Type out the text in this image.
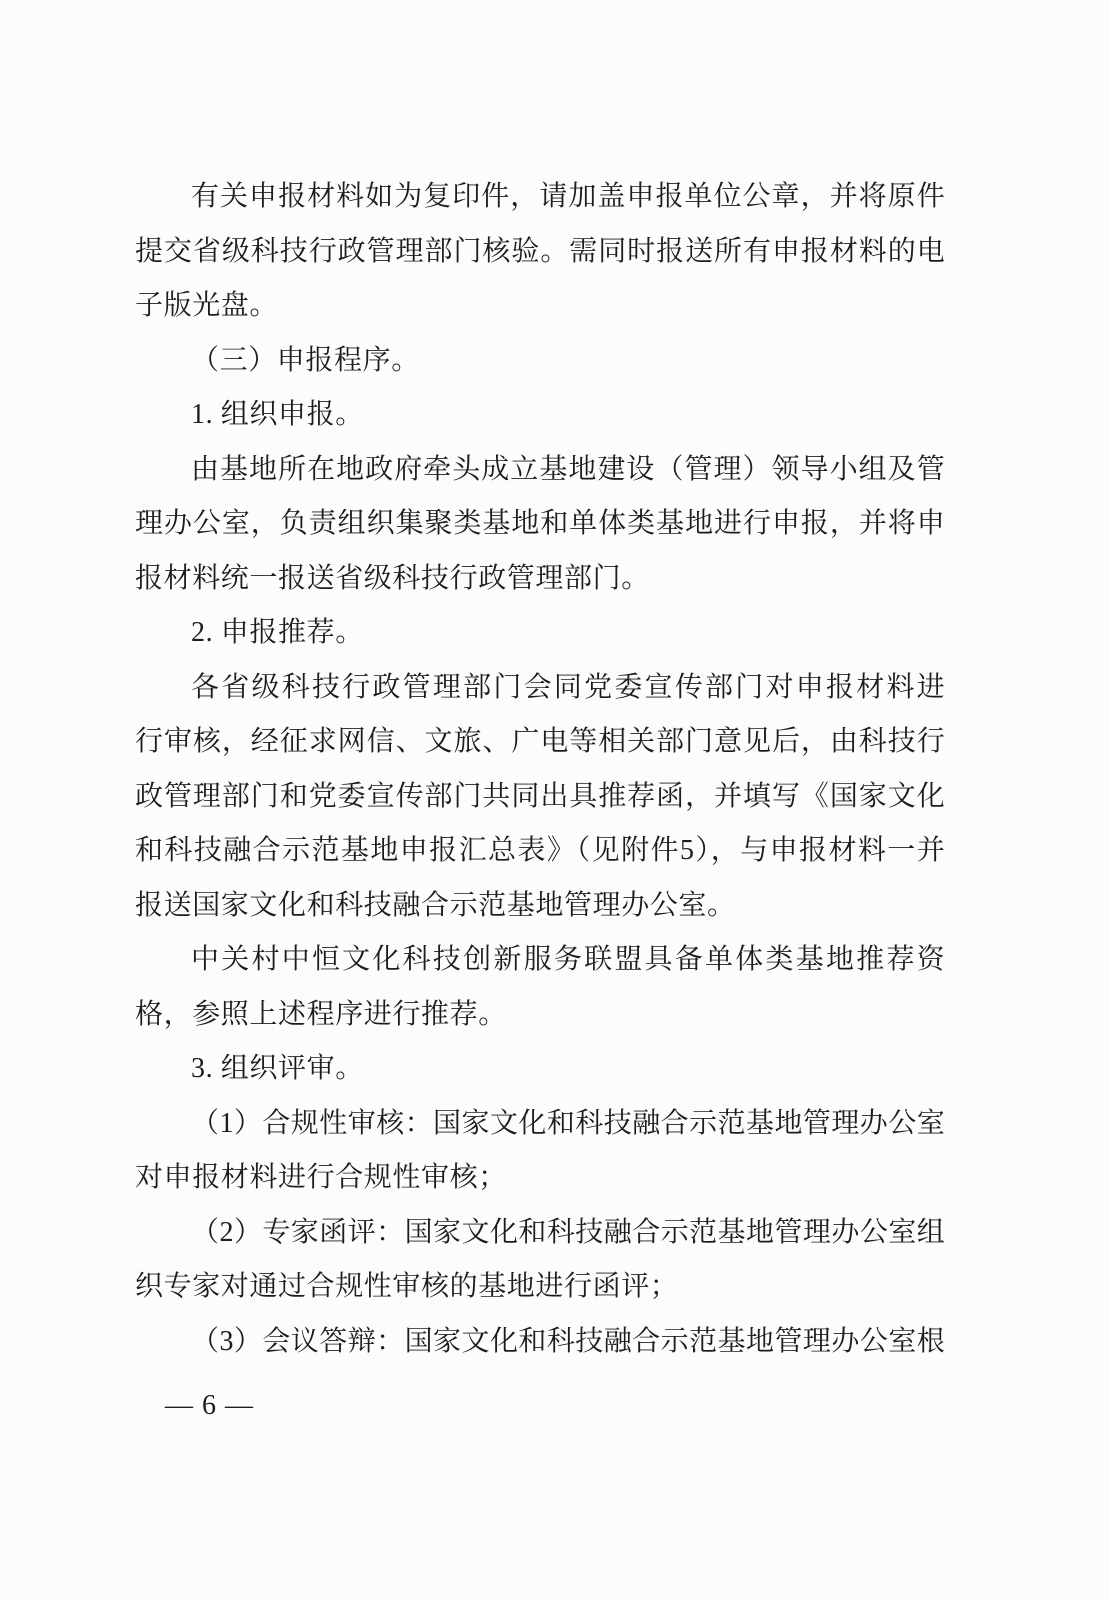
有关申报材料如为复印件，请加盖申报单位公章，并将原件
提交省级科技行政管理部门核验。需同时报送所有申报材料的电
子版光盘。
（三）申报程序。
1. 组织申报。
由基地所在地政府牵头成立基地建设（管理）领导小组及管
理办公室，负责组织集聚类基地和单体类基地进行申报，并将申
报材料统一报送省级科技行政管理部门。
2. 申报推荐。
各省级科技行政管理部门会同党委宣传部门对申报材料进
行审核，经征求网信、文旅、广电等相关部门意见后，由科技行
政管理部门和党委宣传部门共同出具推荐函，并填写《国家文化
和科技融合示范基地申报汇总表》（见附件5），与申报材料一并
报送国家文化和科技融合示范基地管理办公室。
中关村中恒文化科技创新服务联盟具备单体类基地推荐资
格，参照上述程序进行推荐。
3. 组织评审。
（1）合规性审核：国家文化和科技融合示范基地管理办公室
对申报材料进行合规性审核；
（2）专家函评：国家文化和科技融合示范基地管理办公室组
织专家对通过合规性审核的基地进行函评；
（3）会议答辩：国家文化和科技融合示范基地管理办公室根
— 6 —
